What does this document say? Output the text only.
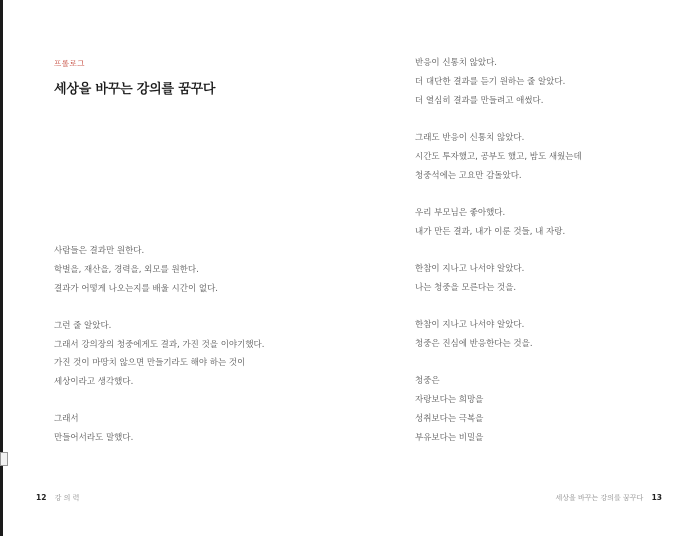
프롤로그
세상을 바꾸는 강의를 꿈꾸다
사람들은 결과만 원한다.
학벌을, 재산을, 경력을, 외모를 원한다.
결과가 어떻게 나오는지를 배울 시간이 없다.
그런 줄 알았다.
그래서 강의장의 청중에게도 결과, 가진 것을 이야기했다.
가진 것이 마땅치 않으면 만들기라도 해야 하는 것이
세상이라고 생각했다.
그래서
만들어서라도 말했다.
12 강 의 력
반응이 신통치 않았다.
더 대단한 결과를 듣기 원하는 줄 알았다.
더 열심히 결과를 만들려고 애썼다.
그래도 반응이 신통치 않았다.
시간도 투자했고, 공부도 했고, 밤도 새웠는데
청중석에는 고요만 감돌았다.
우리 부모님은 좋아했다.
내가 만든 결과, 내가 이룬 것들, 내 자랑.
한참이 지나고 나서야 알았다.
나는 청중을 모른다는 것을.
한참이 지나고 나서야 알았다.
청중은 진심에 반응한다는 것을.
청중은
자랑보다는 희망을
성취보다는 극복을
부유보다는 비밀을
세상을 바꾸는 강의를 꿈꾸다 13
